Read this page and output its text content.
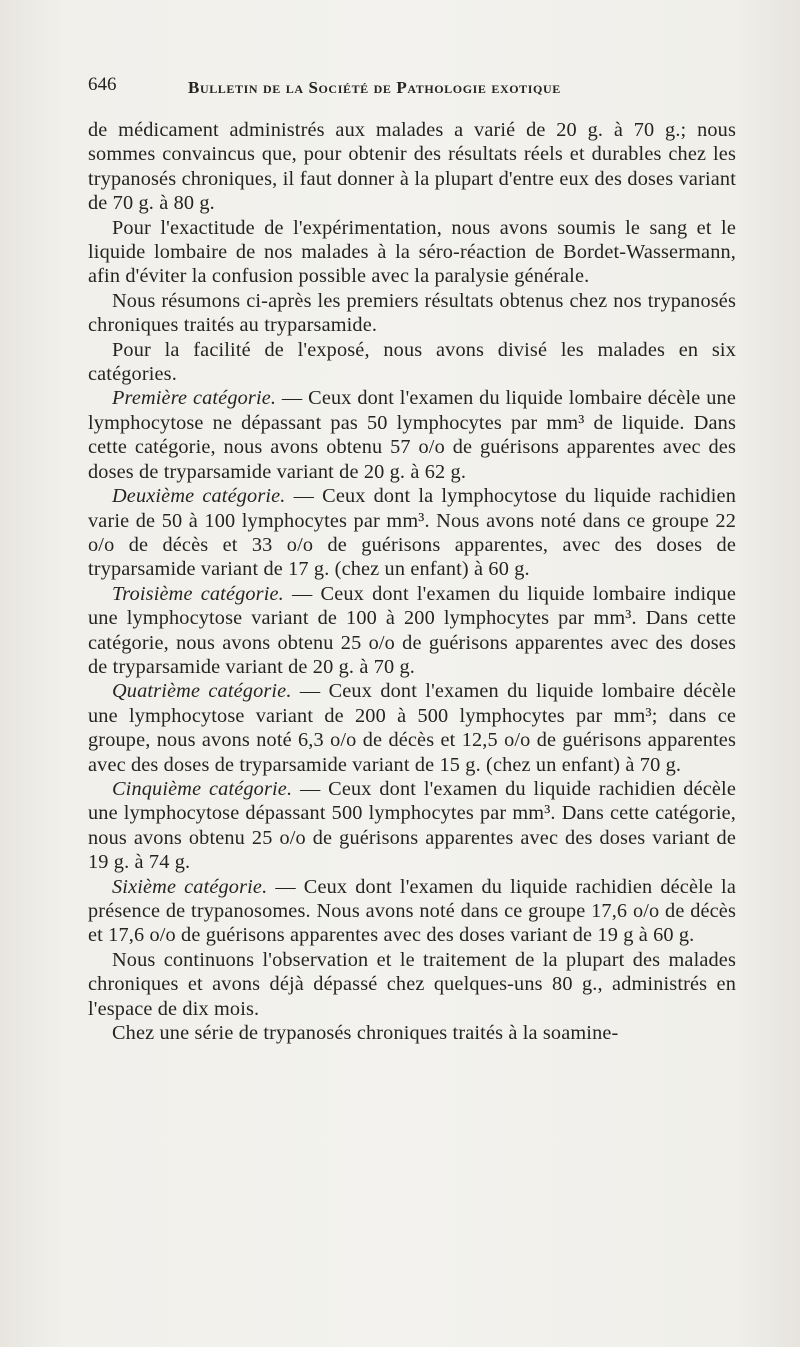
646	Bulletin de la Société de Pathologie exotique

de médicament administrés aux malades a varié de 20 g. à 70 g.; nous sommes convaincus que, pour obtenir des résultats réels et durables chez les trypanosés chroniques, il faut donner à la plupart d'entre eux des doses variant de 70 g. à 80 g.

Pour l'exactitude de l'expérimentation, nous avons soumis le sang et le liquide lombaire de nos malades à la séro-réaction de Bordet-Wassermann, afin d'éviter la confusion possible avec la paralysie générale.

Nous résumons ci-après les premiers résultats obtenus chez nos trypanosés chroniques traités au tryparsamide.

Pour la facilité de l'exposé, nous avons divisé les malades en six catégories.

Première catégorie. — Ceux dont l'examen du liquide lombaire décèle une lymphocytose ne dépassant pas 50 lymphocytes par mm³ de liquide. Dans cette catégorie, nous avons obtenu 57 o/o de guérisons apparentes avec des doses de tryparsamide variant de 20 g. à 62 g.

Deuxième catégorie. — Ceux dont la lymphocytose du liquide rachidien varie de 50 à 100 lymphocytes par mm³. Nous avons noté dans ce groupe 22 o/o de décès et 33 o/o de guérisons apparentes, avec des doses de tryparsamide variant de 17 g. (chez un enfant) à 60 g.

Troisième catégorie. — Ceux dont l'examen du liquide lombaire indique une lymphocytose variant de 100 à 200 lymphocytes par mm³. Dans cette catégorie, nous avons obtenu 25 o/o de guérisons apparentes avec des doses de tryparsamide variant de 20 g. à 70 g.

Quatrième catégorie. — Ceux dont l'examen du liquide lombaire décèle une lymphocytose variant de 200 à 500 lymphocytes par mm³; dans ce groupe, nous avons noté 6,3 o/o de décès et 12,5 o/o de guérisons apparentes avec des doses de tryparsamide variant de 15 g. (chez un enfant) à 70 g.

Cinquième catégorie. — Ceux dont l'examen du liquide rachidien décèle une lymphocytose dépassant 500 lymphocytes par mm³. Dans cette catégorie, nous avons obtenu 25 o/o de guérisons apparentes avec des doses variant de 19 g. à 74 g.

Sixième catégorie. — Ceux dont l'examen du liquide rachidien décèle la présence de trypanosomes. Nous avons noté dans ce groupe 17,6 o/o de décès et 17,6 o/o de guérisons apparentes avec des doses variant de 19 g à 60 g.

Nous continuons l'observation et le traitement de la plupart des malades chroniques et avons déjà dépassé chez quelques-uns 80 g., administrés en l'espace de dix mois.

Chez une série de trypanosés chroniques traités à la soamine-
